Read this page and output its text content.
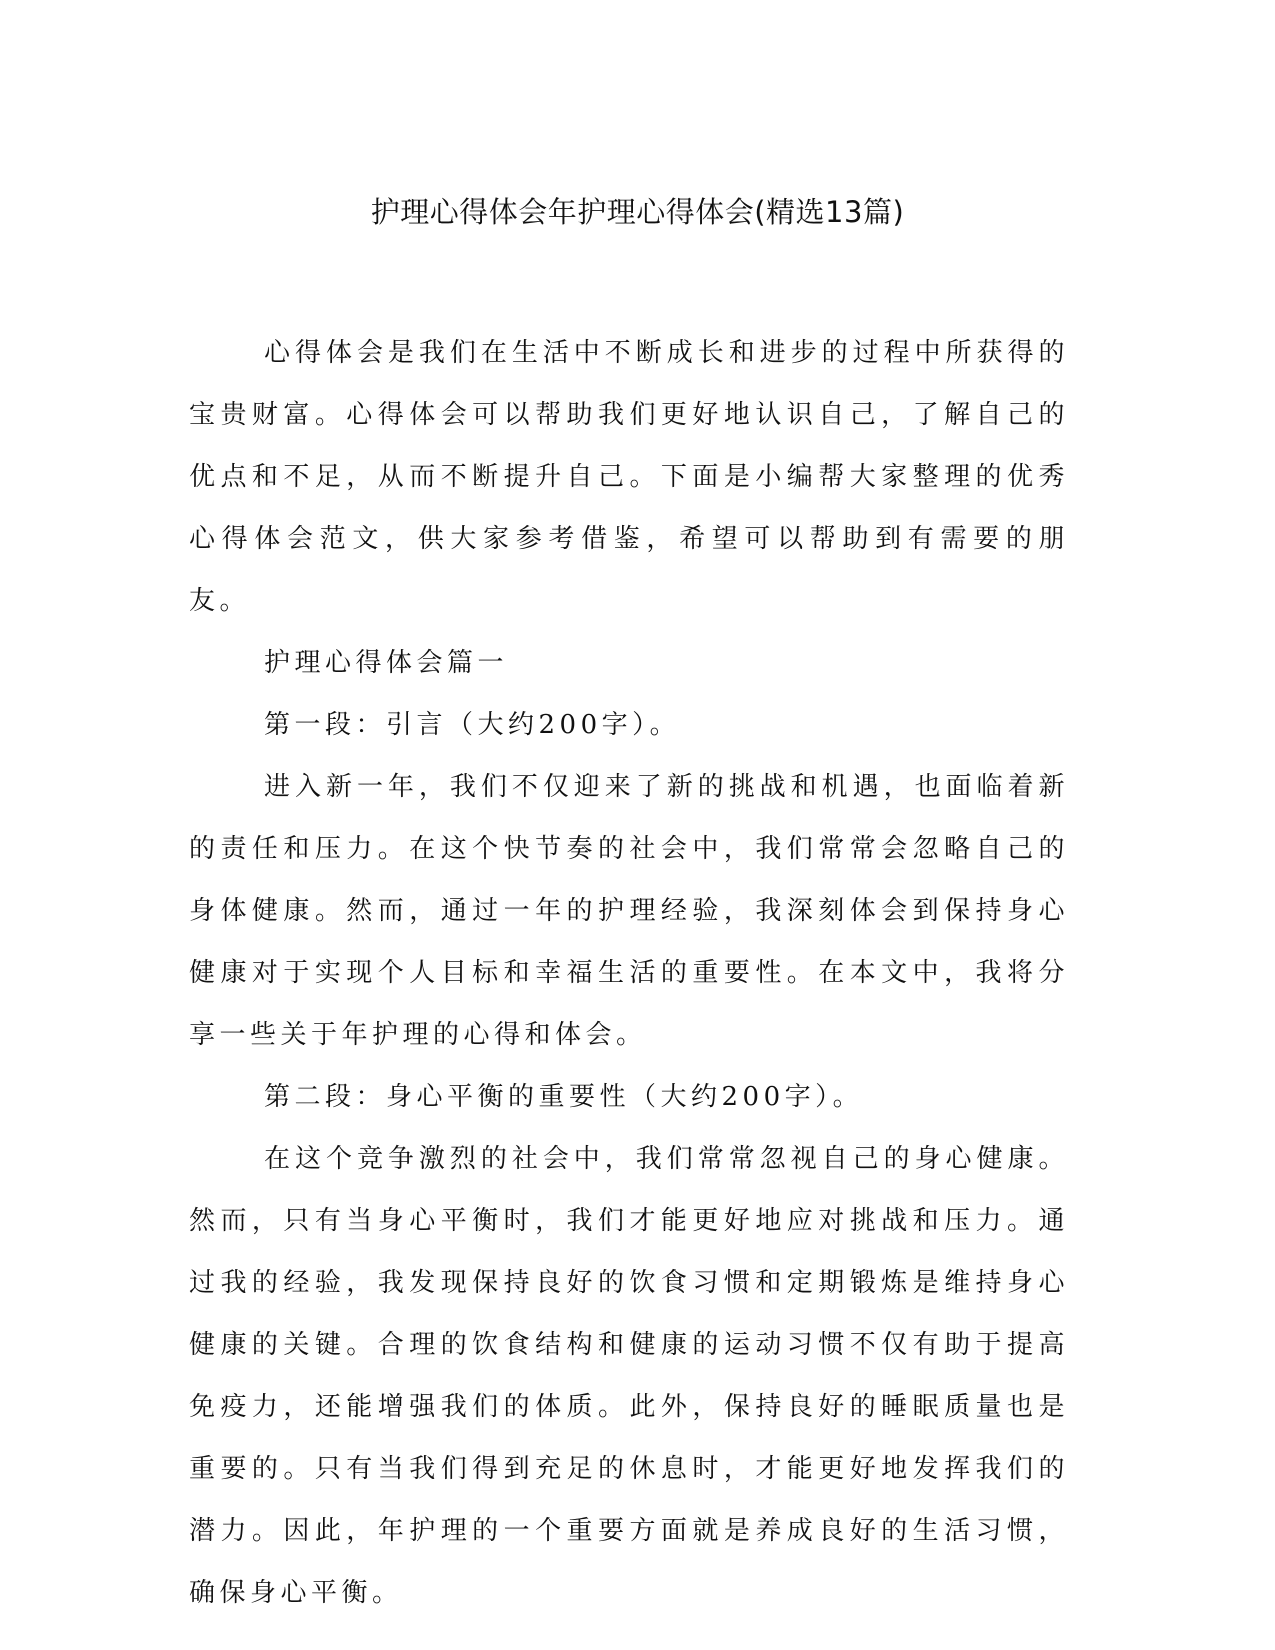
护理心得体会年护理心得体会(精选13篇)

心得体会是我们在生活中不断成长和进步的过程中所获得的宝贵财富。心得体会可以帮助我们更好地认识自己，了解自己的优点和不足，从而不断提升自己。下面是小编帮大家整理的优秀心得体会范文，供大家参考借鉴，希望可以帮助到有需要的朋友。

护理心得体会篇一

第一段：引言（大约200字）。

进入新一年，我们不仅迎来了新的挑战和机遇，也面临着新的责任和压力。在这个快节奏的社会中，我们常常会忽略自己的身体健康。然而，通过一年的护理经验，我深刻体会到保持身心健康对于实现个人目标和幸福生活的重要性。在本文中，我将分享一些关于年护理的心得和体会。

第二段：身心平衡的重要性（大约200字）。

在这个竞争激烈的社会中，我们常常忽视自己的身心健康。然而，只有当身心平衡时，我们才能更好地应对挑战和压力。通过我的经验，我发现保持良好的饮食习惯和定期锻炼是维持身心健康的关键。合理的饮食结构和健康的运动习惯不仅有助于提高免疫力，还能增强我们的体质。此外，保持良好的睡眠质量也是重要的。只有当我们得到充足的休息时，才能更好地发挥我们的潜力。因此，年护理的一个重要方面就是养成良好的生活习惯，确保身心平衡。
